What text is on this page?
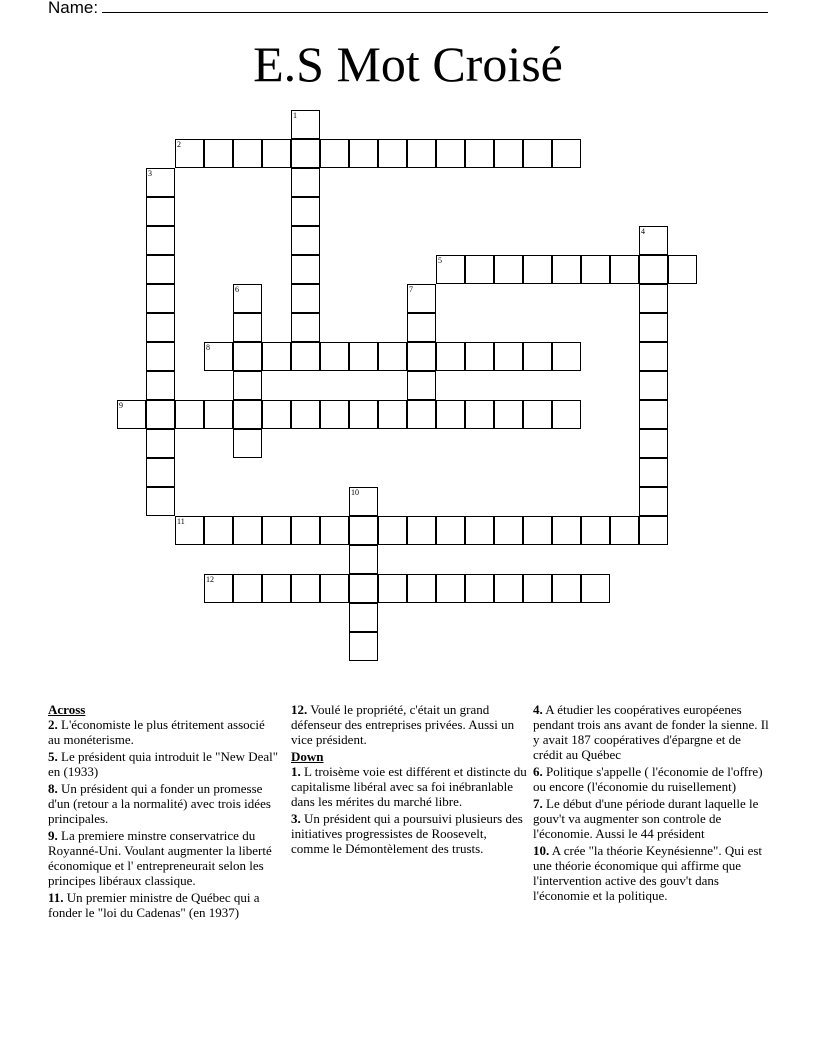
Name:
E.S Mot Croisé
1
2
3
4
5
6	7
8
9
10
11
12
Across
2. L'économiste le plus étritement associé au monéterisme.
5. Le président quia introduit le "New Deal" en (1933)
8. Un président qui a fonder un promesse d'un (retour a la normalité) avec trois idées principales.
9. La premiere minstre conservatrice du Royanné-Uni. Voulant augmenter la liberté économique et l' entrepreneurait selon les principes libéraux classique.
11. Un premier ministre de Québec qui a fonder le "loi du Cadenas" (en 1937)
12. Voulé le propriété, c'était un grand défenseur des entreprises privées. Aussi un vice président.
Down
1. L troisème voie est différent et distincte du capitalisme libéral avec sa foi inébranlable dans les mérites du marché libre.
3. Un président qui a poursuivi plusieurs des initiatives progressistes de Roosevelt, comme le Démontèlement des trusts.
4. A étudier les coopératives européenes pendant trois ans avant de fonder la sienne. Il y avait 187 coopératives d'épargne et de crédit au Québec
6. Politique s'appelle ( l'économie de l'offre) ou encore (l'économie du ruisellement)
7. Le début d'une période durant laquelle le gouv't va augmenter son controle de l'économie. Aussi le 44 président
10. A crée "la théorie Keynésienne". Qui est une théorie économique qui affirme que l'intervention active des gouv't dans l'économie et la politique.
